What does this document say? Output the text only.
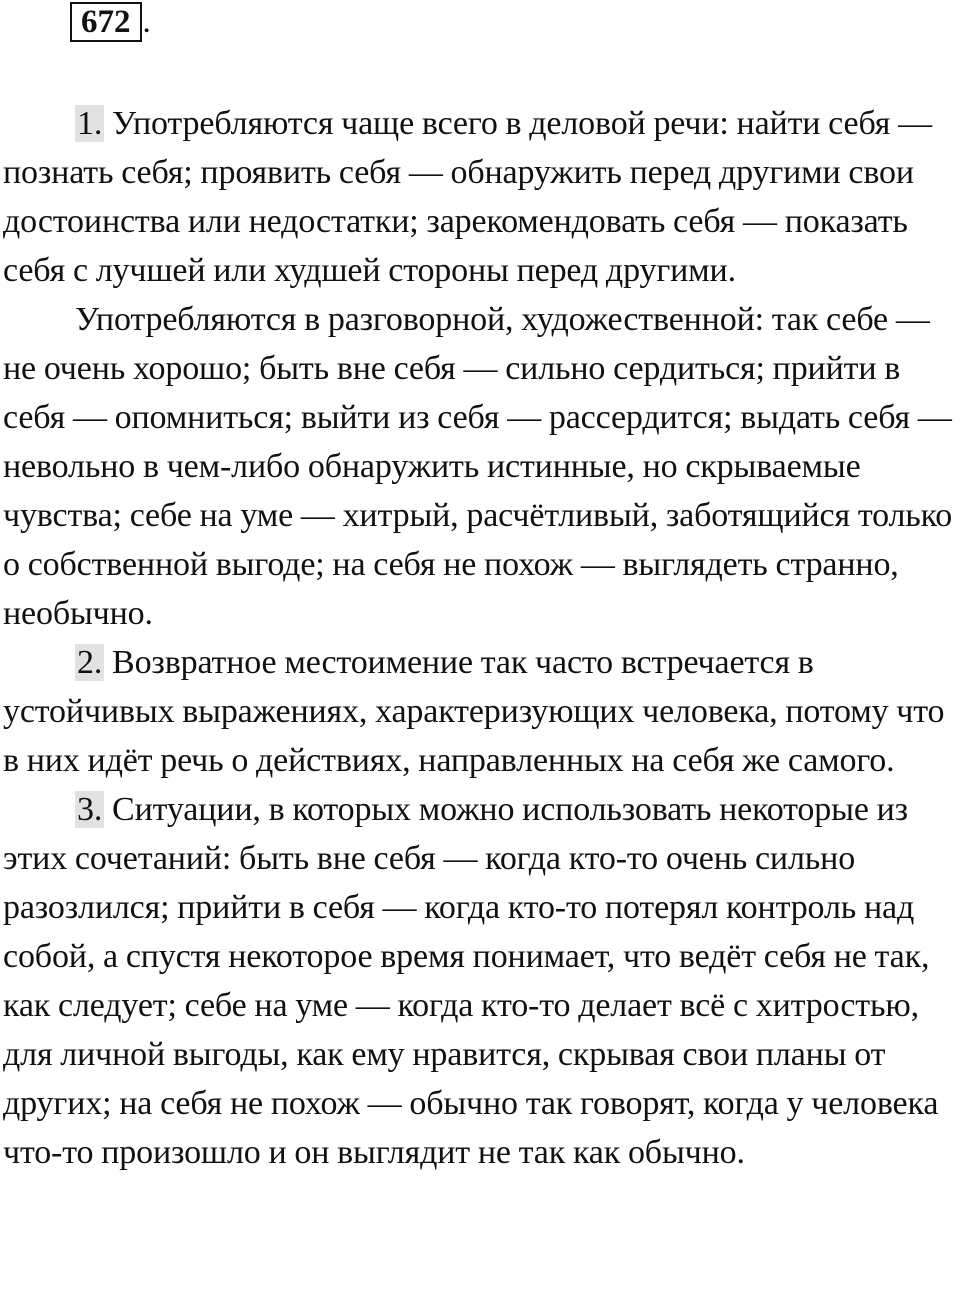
672 .

1. Употребляются чаще всего в деловой речи: найти себя — познать себя; проявить себя — обнаружить перед другими свои достоинства или недостатки; зарекомендовать себя — показать себя с лучшей или худшей стороны перед другими.

Употребляются в разговорной, художественной: так себе — не очень хорошо; быть вне себя — сильно сердиться; прийти в себя — опомниться; выйти из себя — рассердится; выдать себя — невольно в чем-либо обнаружить истинные, но скрываемые чувства; себе на уме — хитрый, расчётливый, заботящийся только о собственной выгоде; на себя не похож — выглядеть странно, необычно.

2. Возвратное местоимение так часто встречается в устойчивых выражениях, характеризующих человека, потому что в них идёт речь о действиях, направленных на себя же самого.

3. Ситуации, в которых можно использовать некоторые из этих сочетаний: быть вне себя — когда кто-то очень сильно разозлился; прийти в себя — когда кто-то потерял контроль над собой, а спустя некоторое время понимает, что ведёт себя не так, как следует; себе на уме — когда кто-то делает всё с хитростью, для личной выгоды, как ему нравится, скрывая свои планы от других; на себя не похож — обычно так говорят, когда у человека что-то произошло и он выглядит не так как обычно.
